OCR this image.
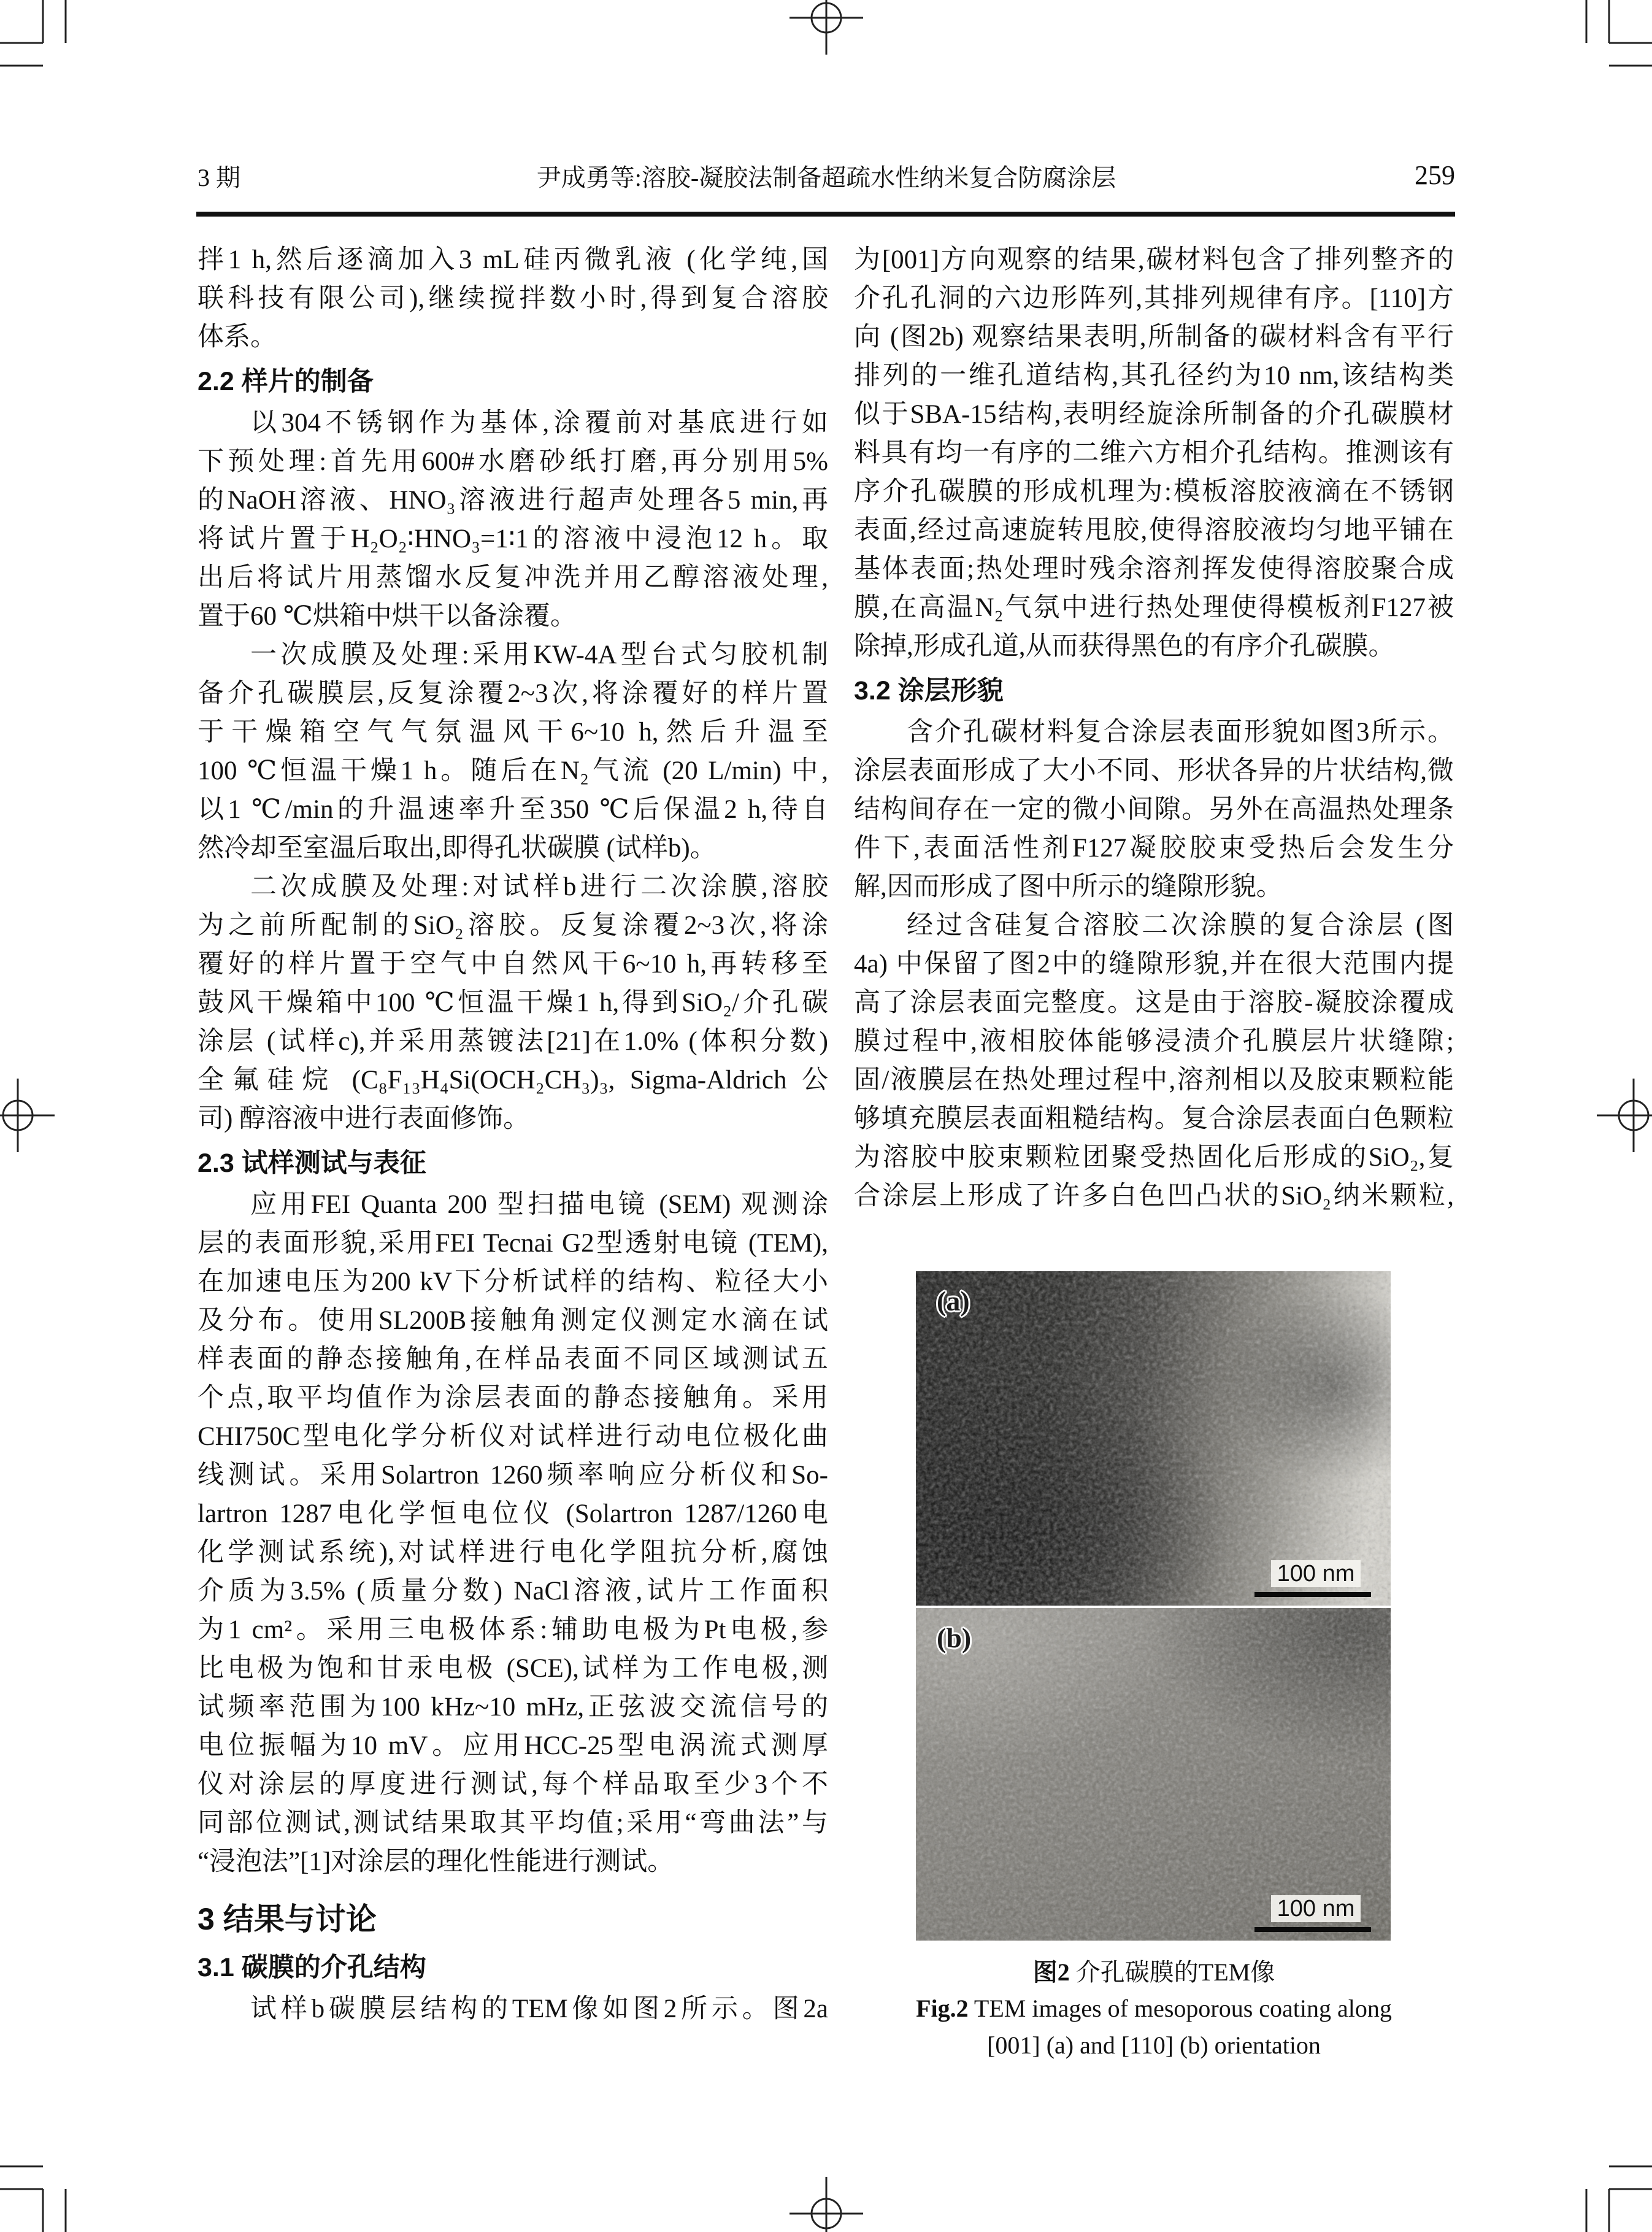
3 期	尹成勇等:溶胶-凝胶法制备超疏水性纳米复合防腐涂层	259
拌1 h,然后逐滴加入3 mL硅丙微乳液 (化学纯,国
联科技有限公司),继续搅拌数小时,得到复合溶胶
体系。
2.2 样片的制备
以304不锈钢作为基体,涂覆前对基底进行如
下预处理:首先用600#水磨砂纸打磨,再分别用5%
的NaOH溶液、HNO₃溶液进行超声处理各5 min,再
将试片置于H₂O₂∶HNO₃=1∶1的溶液中浸泡12 h。取
出后将试片用蒸馏水反复冲洗并用乙醇溶液处理,
置于60 ℃烘箱中烘干以备涂覆。
一次成膜及处理:采用KW-4A型台式匀胶机制
备介孔碳膜层,反复涂覆2~3次,将涂覆好的样片置
于干燥箱空气气氛温风干6~10 h,然后升温至
100 ℃恒温干燥1 h。随后在N₂气流 (20 L/min) 中,
以1 ℃/min的升温速率升至350 ℃后保温2 h,待自
然冷却至室温后取出,即得孔状碳膜 (试样b)。
二次成膜及处理:对试样b进行二次涂膜,溶胶
为之前所配制的SiO₂溶胶。反复涂覆2~3次,将涂
覆好的样片置于空气中自然风干6~10 h,再转移至
鼓风干燥箱中100 ℃恒温干燥1 h,得到SiO₂/介孔碳
涂层 (试样c),并采用蒸镀法[21]在1.0% (体积分数)
全氟硅烷 (C₈F₁₃H₄Si(OCH₂CH₃)₃, Sigma-Aldrich 公
司) 醇溶液中进行表面修饰。
2.3 试样测试与表征
应用FEI Quanta 200 型扫描电镜 (SEM) 观测涂
层的表面形貌,采用FEI Tecnai G2型透射电镜 (TEM),
在加速电压为200 kV下分析试样的结构、粒径大小
及分布。使用SL200B接触角测定仪测定水滴在试
样表面的静态接触角,在样品表面不同区域测试五
个点,取平均值作为涂层表面的静态接触角。采用
CHI750C型电化学分析仪对试样进行动电位极化曲
线测试。采用Solartron 1260频率响应分析仪和So-
lartron 1287电化学恒电位仪 (Solartron 1287/1260电
化学测试系统),对试样进行电化学阻抗分析,腐蚀
介质为3.5% (质量分数) NaCl溶液,试片工作面积
为1 cm²。采用三电极体系:辅助电极为Pt电极,参
比电极为饱和甘汞电极 (SCE),试样为工作电极,测
试频率范围为100 kHz~10 mHz,正弦波交流信号的
电位振幅为10 mV。应用HCC-25型电涡流式测厚
仪对涂层的厚度进行测试,每个样品取至少3个不
同部位测试,测试结果取其平均值;采用“弯曲法”与
“浸泡法”[1]对涂层的理化性能进行测试。
3 结果与讨论
3.1 碳膜的介孔结构
试样b碳膜层结构的TEM像如图2所示。图2a
为[001]方向观察的结果,碳材料包含了排列整齐的
介孔孔洞的六边形阵列,其排列规律有序。[110]方
向 (图2b) 观察结果表明,所制备的碳材料含有平行
排列的一维孔道结构,其孔径约为10 nm,该结构类
似于SBA-15结构,表明经旋涂所制备的介孔碳膜材
料具有均一有序的二维六方相介孔结构。推测该有
序介孔碳膜的形成机理为:模板溶胶液滴在不锈钢
表面,经过高速旋转甩胶,使得溶胶液均匀地平铺在
基体表面;热处理时残余溶剂挥发使得溶胶聚合成
膜,在高温N₂气氛中进行热处理使得模板剂F127被
除掉,形成孔道,从而获得黑色的有序介孔碳膜。
3.2 涂层形貌
含介孔碳材料复合涂层表面形貌如图3所示。
涂层表面形成了大小不同、形状各异的片状结构,微
结构间存在一定的微小间隙。另外在高温热处理条
件下,表面活性剂F127凝胶胶束受热后会发生分
解,因而形成了图中所示的缝隙形貌。
经过含硅复合溶胶二次涂膜的复合涂层 (图
4a) 中保留了图2中的缝隙形貌,并在很大范围内提
高了涂层表面完整度。这是由于溶胶-凝胶涂覆成
膜过程中,液相胶体能够浸渍介孔膜层片状缝隙;
固/液膜层在热处理过程中,溶剂相以及胶束颗粒能
够填充膜层表面粗糙结构。复合涂层表面白色颗粒
为溶胶中胶束颗粒团聚受热固化后形成的SiO₂,复
合涂层上形成了许多白色凹凸状的SiO₂纳米颗粒,
(a)
100 nm
(b)
100 nm
图2 介孔碳膜的TEM像
Fig.2 TEM images of mesoporous coating along
[001] (a) and [110] (b) orientation
